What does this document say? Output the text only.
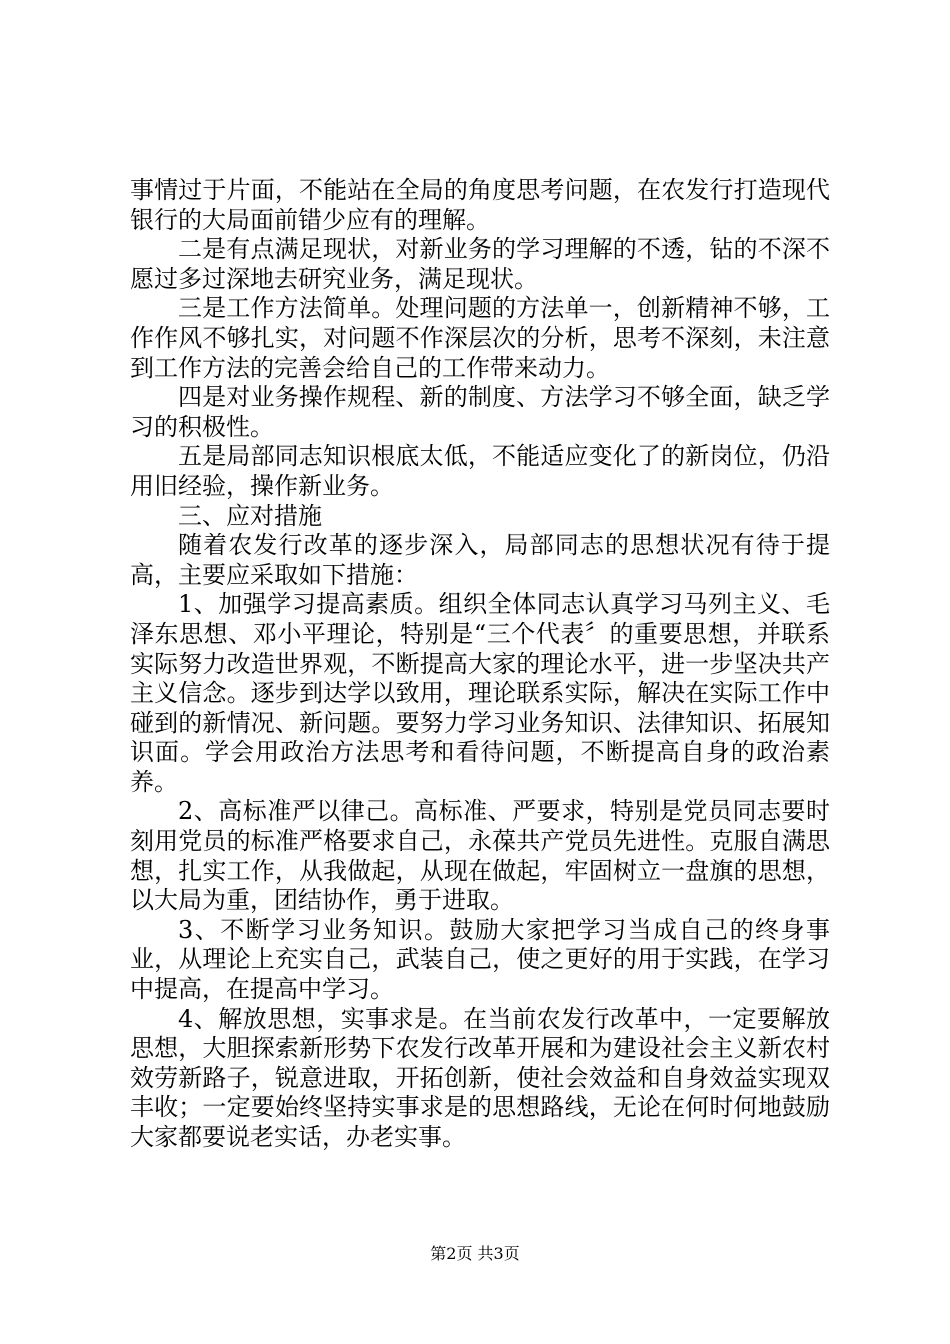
事情过于片面，不能站在全局的角度思考问题，在农发行打造现代银行的大局面前错少应有的理解。

二是有点满足现状，对新业务的学习理解的不透，钻的不深不愿过多过深地去研究业务，满足现状。

三是工作方法简单。处理问题的方法单一，创新精神不够，工作作风不够扎实，对问题不作深层次的分析，思考不深刻，未注意到工作方法的完善会给自己的工作带来动力。

四是对业务操作规程、新的制度、方法学习不够全面，缺乏学习的积极性。

五是局部同志知识根底太低，不能适应变化了的新岗位，仍沿用旧经验，操作新业务。

三、应对措施

随着农发行改革的逐步深入，局部同志的思想状况有待于提高，主要应采取如下措施：

1、加强学习提高素质。组织全体同志认真学习马列主义、毛泽东思想、邓小平理论，特别是“三个代表〞的重要思想，并联系实际努力改造世界观，不断提高大家的理论水平，进一步坚决共产主义信念。逐步到达学以致用，理论联系实际，解决在实际工作中碰到的新情况、新问题。要努力学习业务知识、法律知识、拓展知识面。学会用政治方法思考和看待问题，不断提高自身的政治素养。

2、高标准严以律己。高标准、严要求，特别是党员同志要时刻用党员的标准严格要求自己，永葆共产党员先进性。克服自满思想，扎实工作，从我做起，从现在做起，牢固树立一盘旗的思想，以大局为重，团结协作，勇于进取。

3、不断学习业务知识。鼓励大家把学习当成自己的终身事业，从理论上充实自己，武装自己，使之更好的用于实践，在学习中提高，在提高中学习。

4、解放思想，实事求是。在当前农发行改革中，一定要解放思想，大胆探索新形势下农发行改革开展和为建设社会主义新农村效劳新路子，锐意进取，开拓创新，使社会效益和自身效益实现双丰收；一定要始终坚持实事求是的思想路线，无论在何时何地鼓励大家都要说老实话，办老实事。

第2页 共3页
